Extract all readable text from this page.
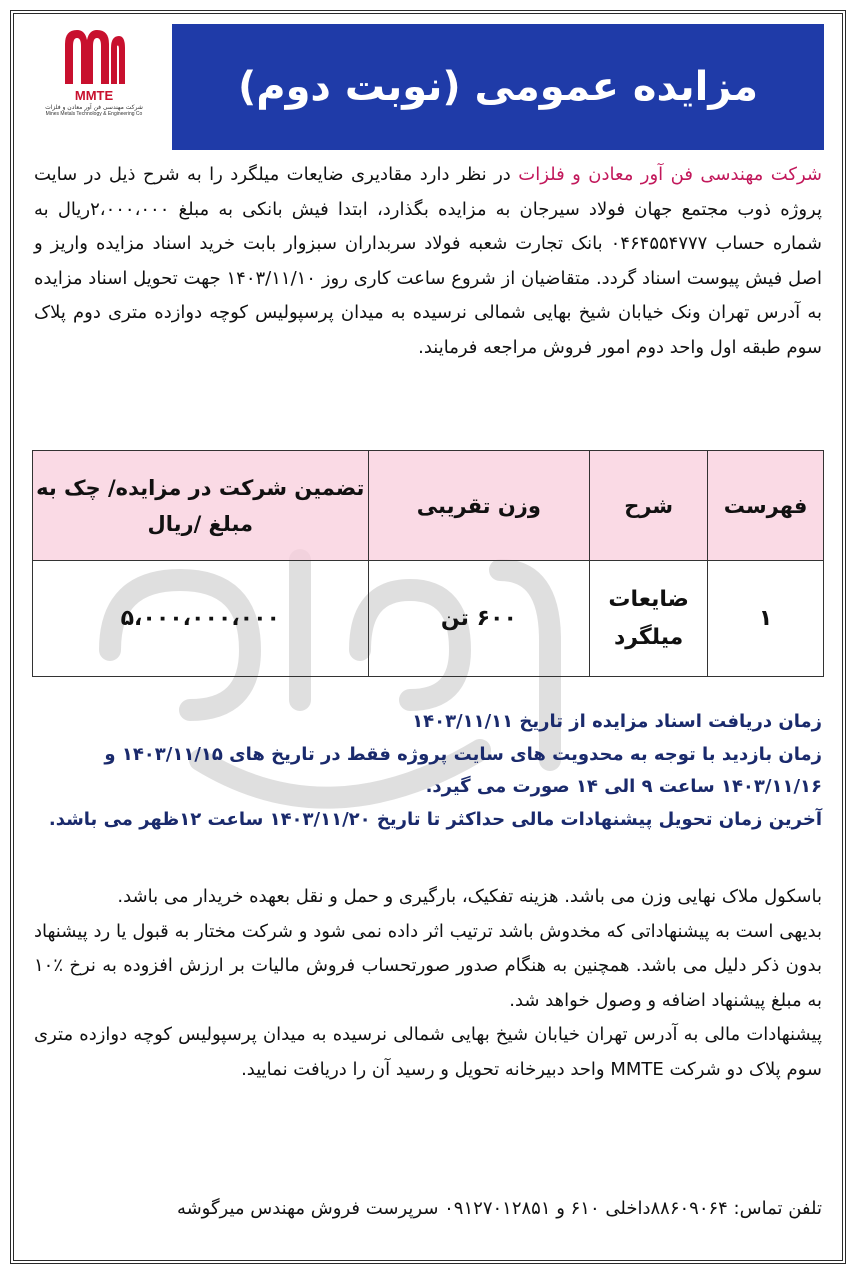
MMTE
شرکت مهندسی فن آور معادن و فلزات
Mines Metals Technology & Engineering Co
مزایده عمومی (نوبت دوم)
شرکت مهندسی فن آور معادن و فلزات در نظر دارد مقادیری ضایعات میلگرد را به شرح ذیل در سایت پروژه ذوب مجتمع جهان فولاد سیرجان به مزایده بگذارد، ابتدا فیش بانکی به مبلغ ۲،۰۰۰،۰۰۰ریال به شماره حساب ۰۴۶۴۵۵۴۷۷۷ بانک تجارت شعبه فولاد سربداران سبزوار بابت خرید اسناد مزایده واریز و اصل فیش پیوست اسناد گردد. متقاضیان از شروع ساعت کاری روز ۱۴۰۳/۱۱/۱۰ جهت تحویل اسناد مزایده به آدرس تهران ونک خیابان شیخ بهایی شمالی نرسیده به میدان پرسپولیس کوچه دوازده متری دوم پلاک سوم طبقه اول واحد دوم امور فروش مراجعه فرمایند.
فهرست	شرح	وزن تقریبی	تضمین شرکت در مزایده/ چک به مبلغ /ریال
۱	ضایعات میلگرد	۶۰۰ تن	۵،۰۰۰،۰۰۰،۰۰۰

زمان دریافت اسناد مزایده از تاریخ ۱۴۰۳/۱۱/۱۱

زمان بازدید با توجه به محدویت های سایت پروژه فقط در تاریخ های ۱۴۰۳/۱۱/۱۵ و ۱۴۰۳/۱۱/۱۶ ساعت ۹ الی ۱۴ صورت می گیرد.

آخرین زمان تحویل پیشنهادات مالی حداکثر تا تاریخ ۱۴۰۳/۱۱/۲۰ ساعت ۱۲ظهر می باشد.

باسکول ملاک نهایی وزن می باشد. هزینه تفکیک، بارگیری و حمل و نقل بعهده خریدار می باشد.

بدیهی است به پیشنهاداتی که مخدوش باشد ترتیب اثر داده نمی شود و شرکت مختار به قبول یا رد پیشنهاد بدون ذکر دلیل می باشد. همچنین به هنگام صدور صورتحساب فروش مالیات بر ارزش افزوده به نرخ ٪۱۰ به مبلغ پیشنهاد اضافه و وصول خواهد شد.

پیشنهادات مالی به آدرس تهران خیابان شیخ بهایی شمالی نرسیده به میدان پرسپولیس کوچه دوازده متری سوم پلاک دو شرکت MMTE واحد دبیرخانه تحویل و رسید آن را دریافت نمایید.

تلفن تماس: ۸۸۶۰۹۰۶۴داخلی ۶۱۰ و ۰۹۱۲۷۰۱۲۸۵۱ سرپرست فروش مهندس میرگوشه
